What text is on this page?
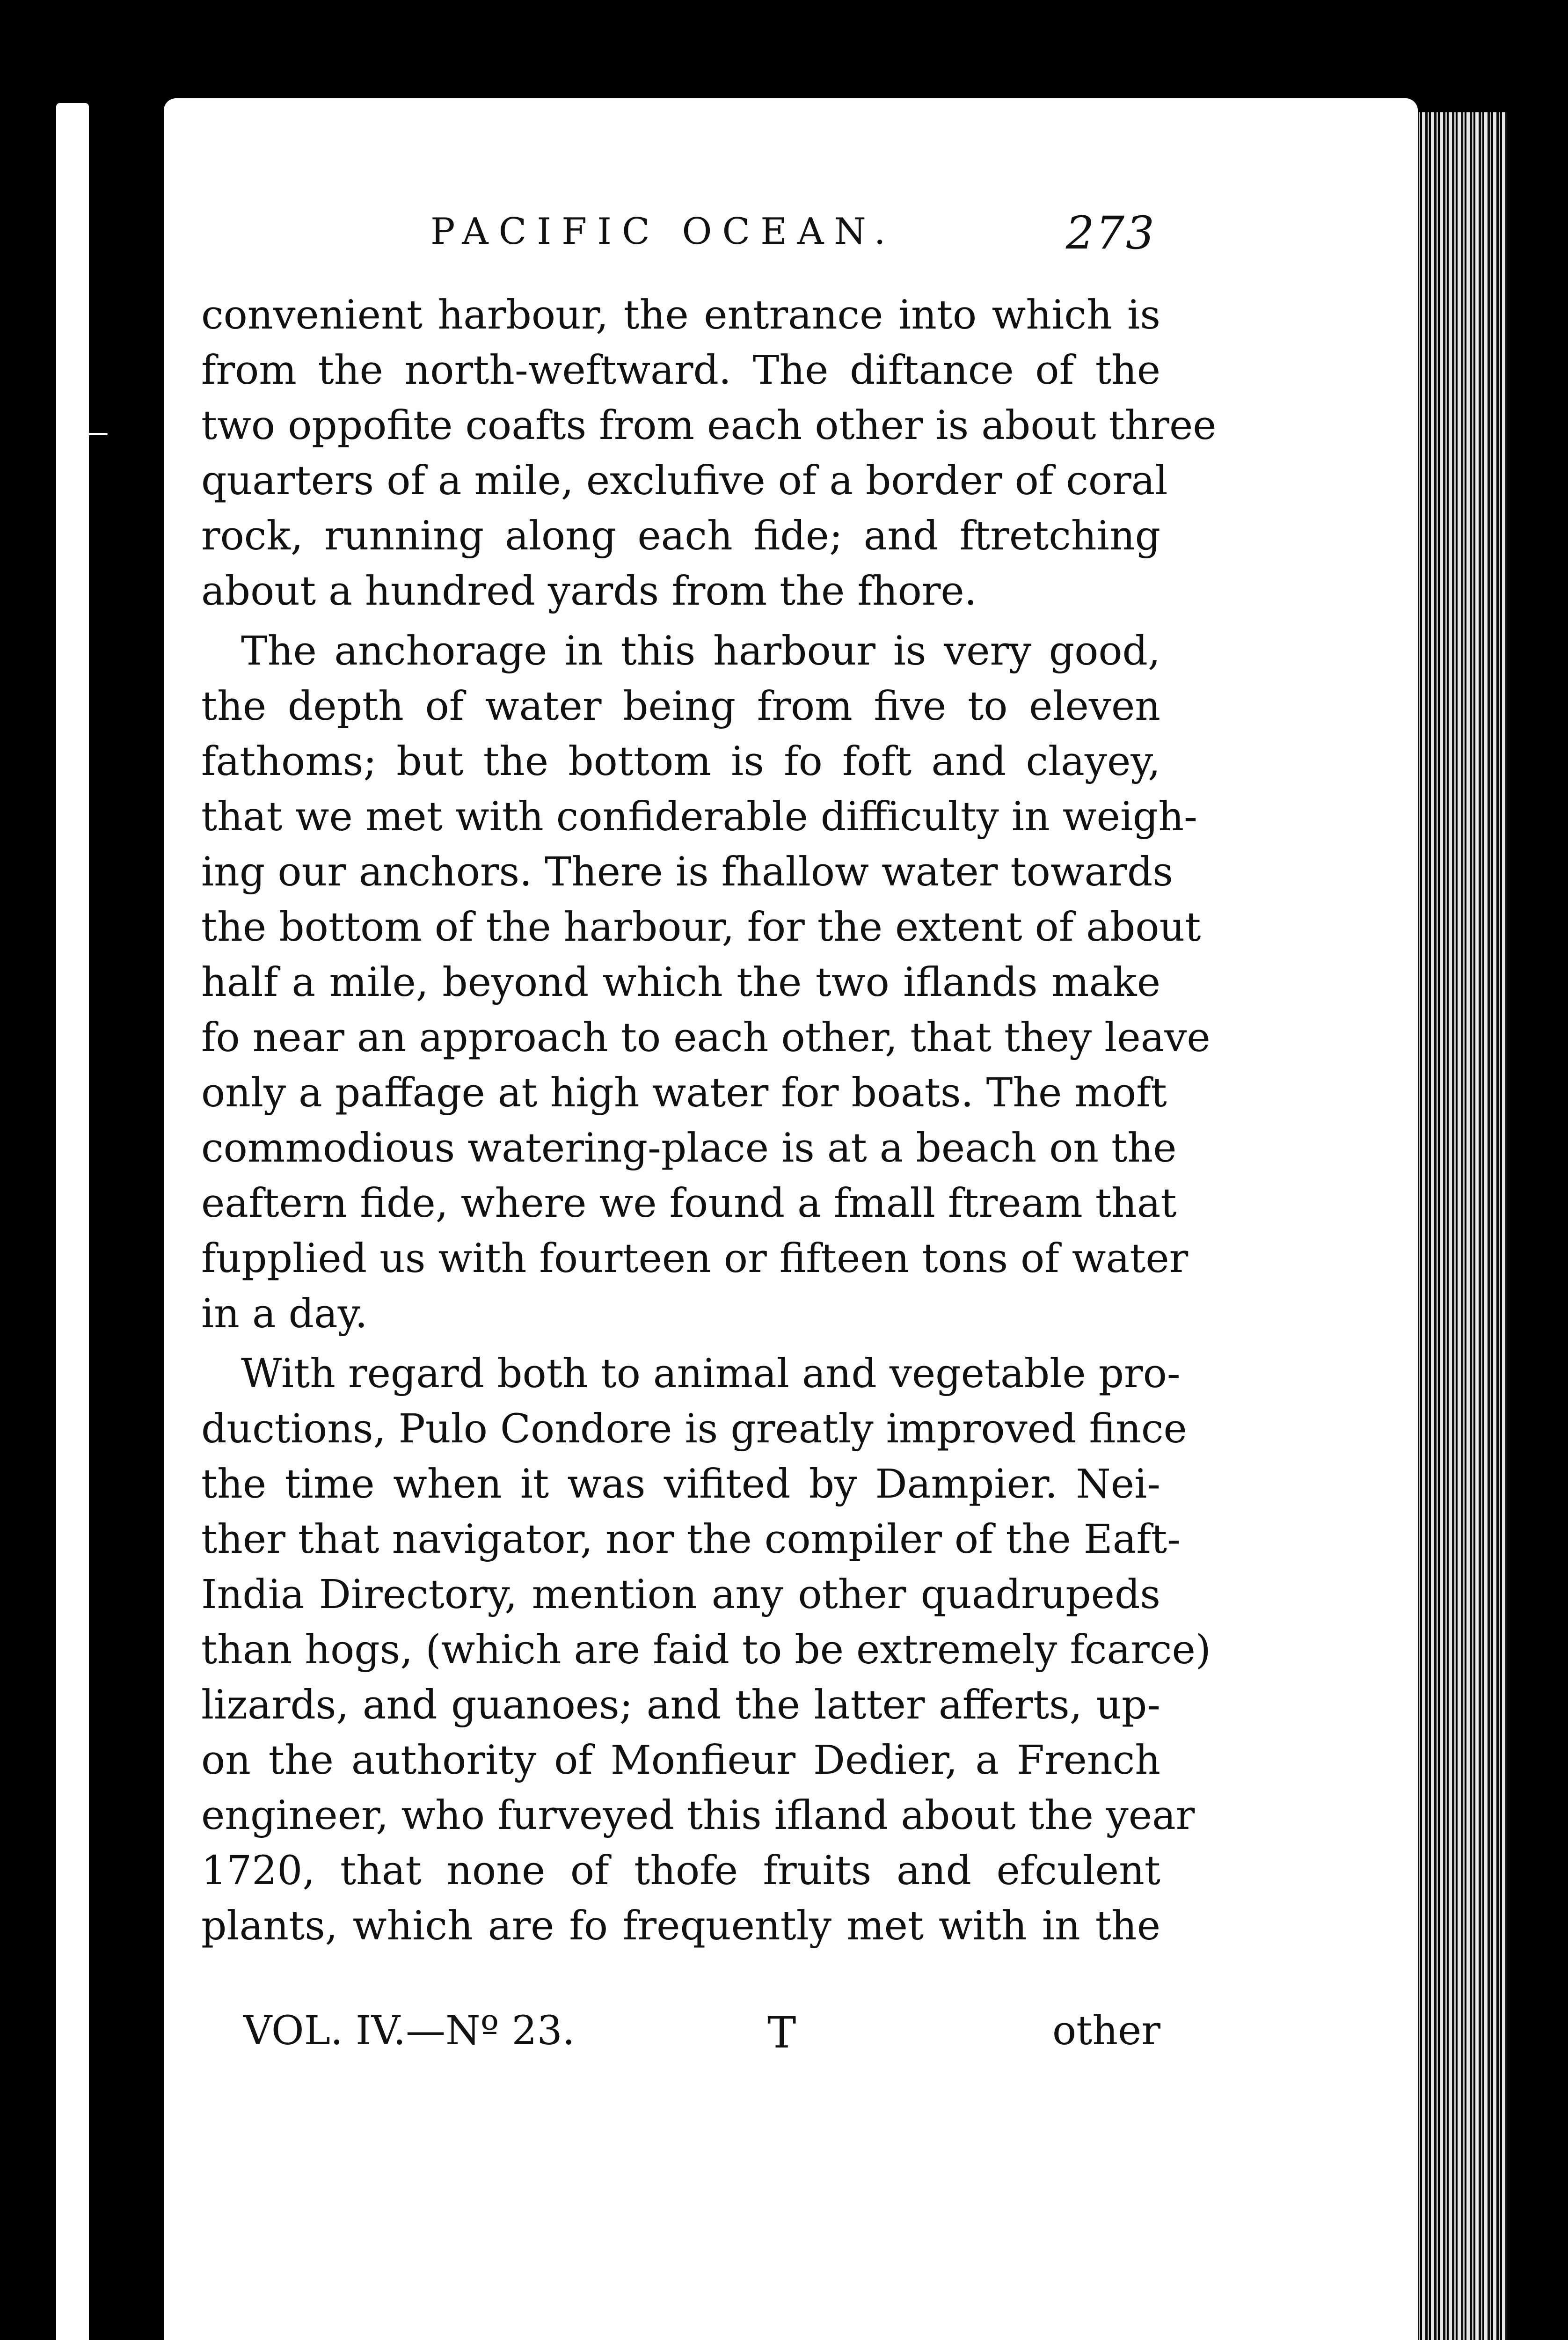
PACIFIC OCEAN.	273
convenient harbour, the entrance into which is
from the north-weftward. The diftance of the
two oppofite coafts from each other is about three
quarters of a mile, exclufive of a border of coral
rock, running along each fide; and ftretching
about a hundred yards from the fhore.
The anchorage in this harbour is very good,
the depth of water being from five to eleven
fathoms; but the bottom is fo foft and clayey,
that we met with confiderable difficulty in weigh-
ing our anchors. There is fhallow water towards
the bottom of the harbour, for the extent of about
half a mile, beyond which the two iflands make
fo near an approach to each other, that they leave
only a paffage at high water for boats. The moft
commodious watering-place is at a beach on the
eaftern fide, where we found a fmall ftream that
fupplied us with fourteen or fifteen tons of water
in a day.
With regard both to animal and vegetable pro-
ductions, Pulo Condore is greatly improved fince
the time when it was vifited by Dampier. Nei-
ther that navigator, nor the compiler of the Eaft-
India Directory, mention any other quadrupeds
than hogs, (which are faid to be extremely fcarce)
lizards, and guanoes; and the latter afferts, up-
on the authority of Monfieur Dedier, a French
engineer, who furveyed this ifland about the year
1720, that none of thofe fruits and efculent
plants, which are fo frequently met with in the
VOL. IV.—Nº 23.	T	other
